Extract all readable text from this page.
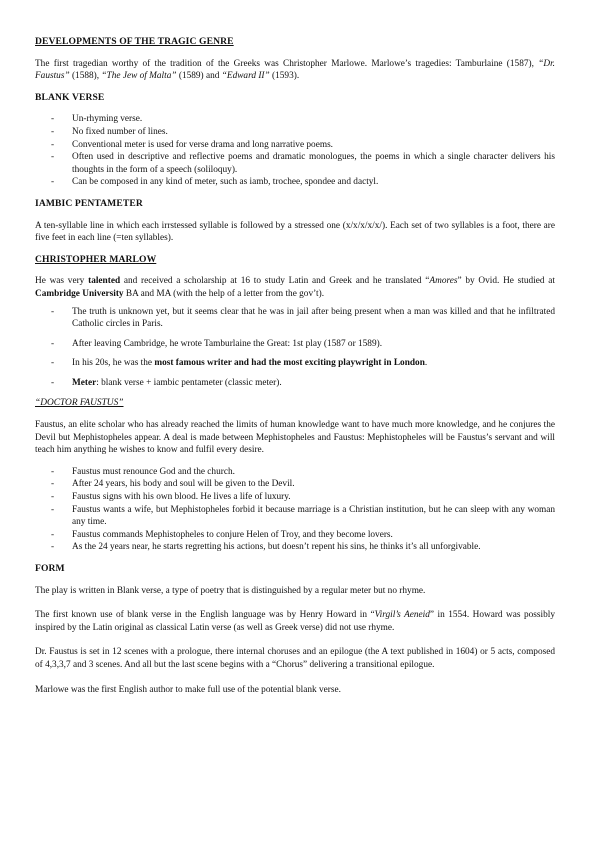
DEVELOPMENTS OF THE TRAGIC GENRE

The first tragedian worthy of the tradition of the Greeks was Christopher Marlowe. Marlowe’s tragedies: Tamburlaine (1587), “Dr. Faustus” (1588), “The Jew of Malta” (1589) and “Edward II” (1593).

BLANK VERSE
- Un-rhyming verse.
- No fixed number of lines.
- Conventional meter is used for verse drama and long narrative poems.
- Often used in descriptive and reflective poems and dramatic monologues, the poems in which a single character delivers his thoughts in the form of a speech (soliloquy).
- Can be composed in any kind of meter, such as iamb, trochee, spondee and dactyl.
IAMBIC PENTAMETER

A ten-syllable line in which each irrstessed syllable is followed by a stressed one (x/x/x/x/x/). Each set of two syllables is a foot, there are five feet in each line (=ten syllables).

CHRISTOPHER MARLOW

He was very talented and received a scholarship at 16 to study Latin and Greek and he translated “Amores” by Ovid. He studied at Cambridge University BA and MA (with the help of a letter from the gov’t).

- The truth is unknown yet, but it seems clear that he was in jail after being present when a man was killed and that he infiltrated Catholic circles in Paris.
- After leaving Cambridge, he wrote Tamburlaine the Great: 1st play (1587 or 1589).
- In his 20s, he was the most famous writer and had the most exciting playwright in London.
- Meter: blank verse + iambic pentameter (classic meter).
“DOCTOR FAUSTUS”

Faustus, an elite scholar who has already reached the limits of human knowledge want to have much more knowledge, and he conjures the Devil but Mephistopheles appear. A deal is made between Mephistopheles and Faustus: Mephistopheles will be Faustus’s servant and will teach him anything he wishes to know and fulfil every desire.

- Faustus must renounce God and the church.
- After 24 years, his body and soul will be given to the Devil.
- Faustus signs with his own blood. He lives a life of luxury.
- Faustus wants a wife, but Mephistopheles forbid it because marriage is a Christian institution, but he can sleep with any woman any time.
- Faustus commands Mephistopheles to conjure Helen of Troy, and they become lovers.
- As the 24 years near, he starts regretting his actions, but doesn’t repent his sins, he thinks it’s all unforgivable.
FORM

The play is written in Blank verse, a type of poetry that is distinguished by a regular meter but no rhyme.

The first known use of blank verse in the English language was by Henry Howard in “Virgil’s Aeneid” in 1554. Howard was possibly inspired by the Latin original as classical Latin verse (as well as Greek verse) did not use rhyme.

Dr. Faustus is set in 12 scenes with a prologue, there internal choruses and an epilogue (the A text published in 1604) or 5 acts, composed of 4,3,3,7 and 3 scenes. And all but the last scene begins with a “Chorus” delivering a transitional epilogue.

Marlowe was the first English author to make full use of the potential blank verse.
